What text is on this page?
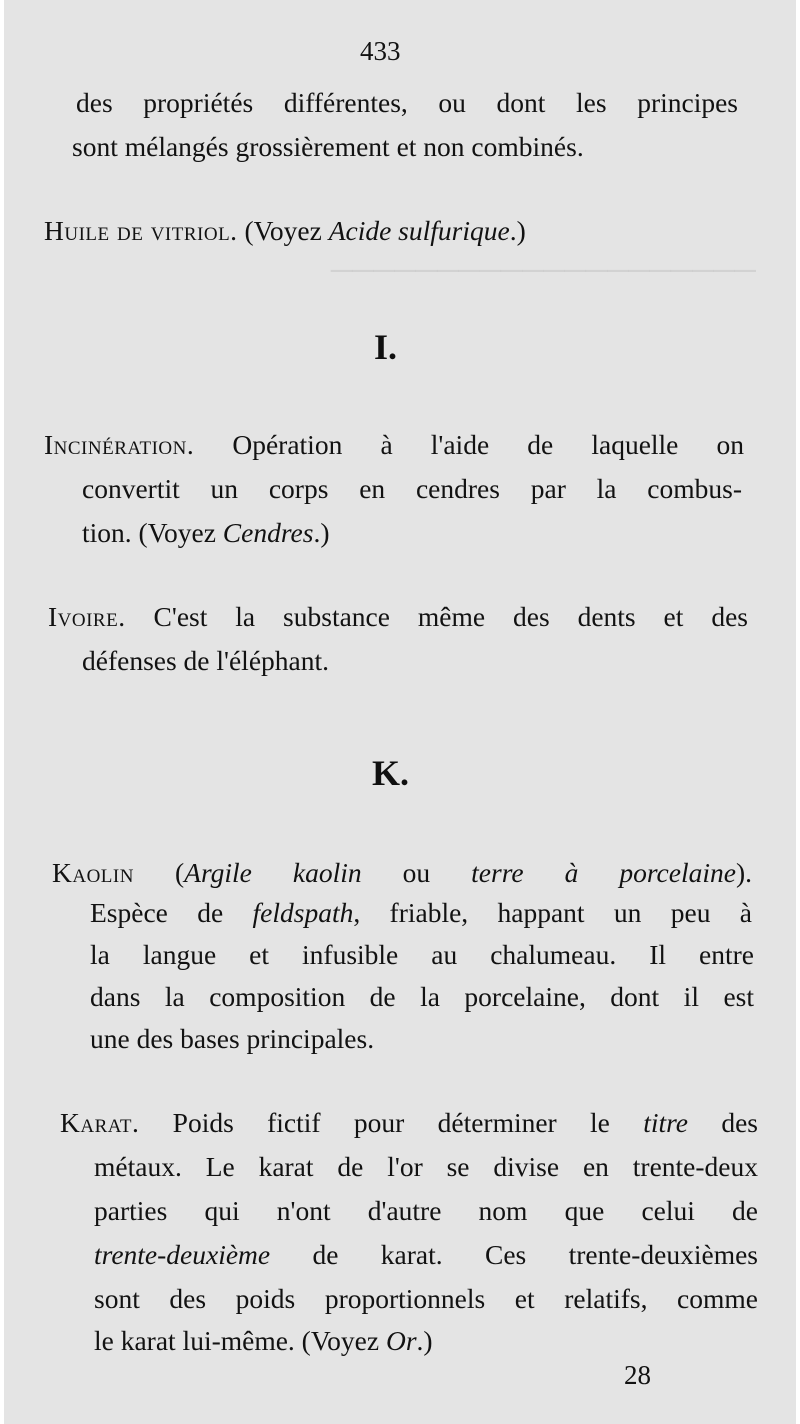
────────────────────
433
des propriétés différentes, ou dont les principes
sont mélangés grossièrement et non combinés.
Huile de vitriol. (Voyez Acide sulfurique.)
I.
Incinération. Opération à l'aide de laquelle on
convertit un corps en cendres par la combus-
tion. (Voyez Cendres.)
Ivoire. C'est la substance même des dents et des
défenses de l'éléphant.
K.
Kaolin (Argile kaolin ou terre à porcelaine).
Espèce de feldspath, friable, happant un peu à
la langue et infusible au chalumeau. Il entre
dans la composition de la porcelaine, dont il est
une des bases principales.
Karat. Poids fictif pour déterminer le titre des
métaux. Le karat de l'or se divise en trente-deux
parties qui n'ont d'autre nom que celui de
trente-deuxième de karat. Ces trente-deuxièmes
sont des poids proportionnels et relatifs, comme
le karat lui-même. (Voyez Or.)
28
